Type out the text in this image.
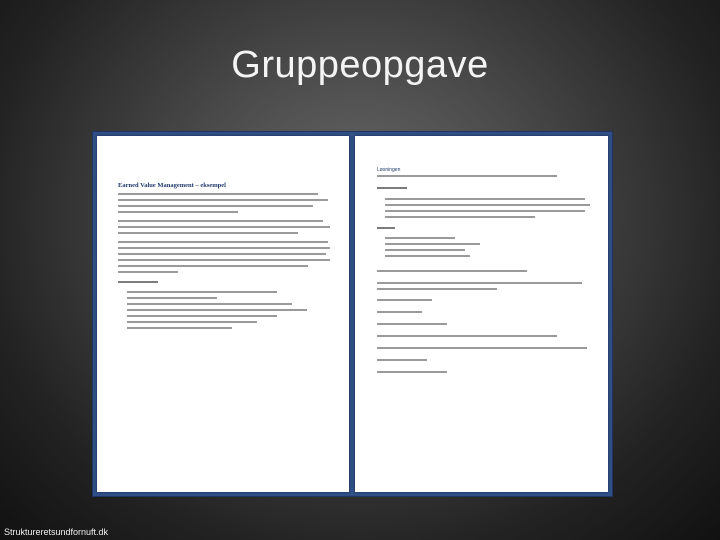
Gruppeopgave
Earned Value Management – eksempel
Løsningen
Struktureretsundfornuft.dk
